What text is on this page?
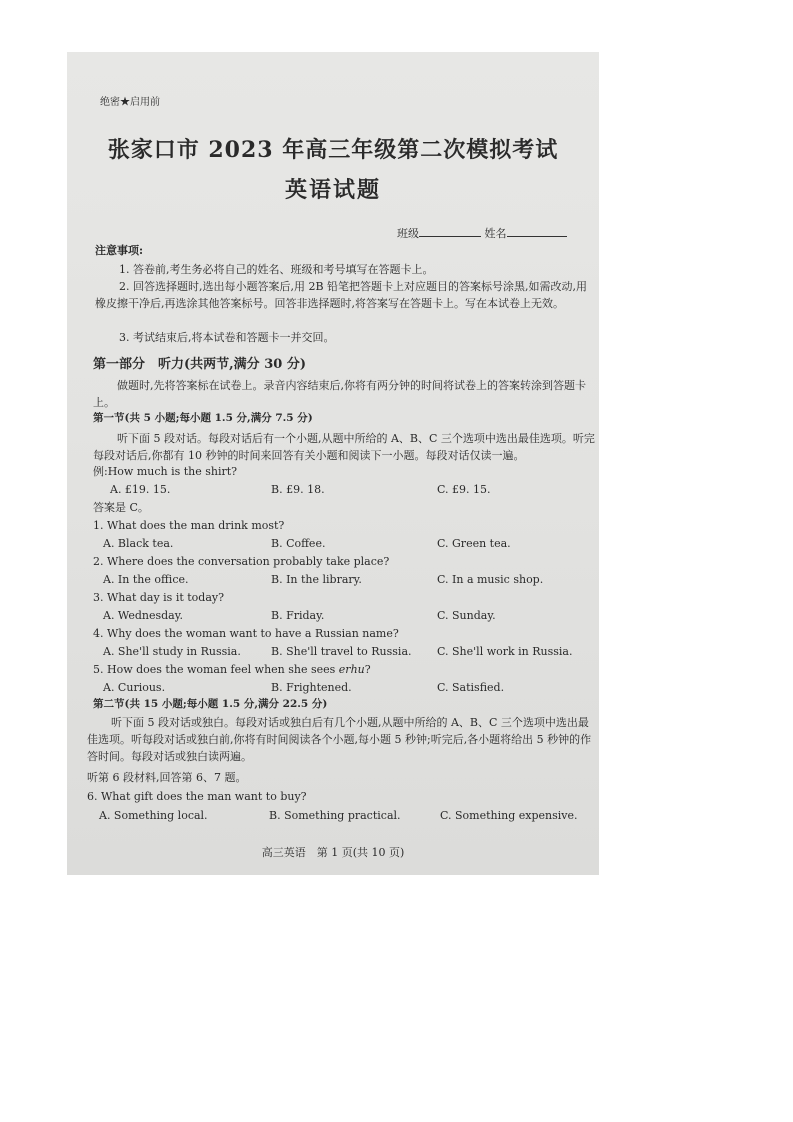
绝密★启用前
张家口市 2023 年高三年级第二次模拟考试
英语试题
班级	姓名
注意事项:
1. 答卷前,考生务必将自己的姓名、班级和考号填写在答题卡上。
2. 回答选择题时,选出每小题答案后,用 2B 铅笔把答题卡上对应题目的答案标号涂黑,如需改动,用橡皮擦干净后,再选涂其他答案标号。回答非选择题时,将答案写在答题卡上。写在本试卷上无效。
3. 考试结束后,将本试卷和答题卡一并交回。
第一部分　听力(共两节,满分 30 分)
做题时,先将答案标在试卷上。录音内容结束后,你将有两分钟的时间将试卷上的答案转涂到答题卡上。
第一节(共 5 小题;每小题 1.5 分,满分 7.5 分)
听下面 5 段对话。每段对话后有一个小题,从题中所给的 A、B、C 三个选项中选出最佳选项。听完每段对话后,你都有 10 秒钟的时间来回答有关小题和阅读下一小题。每段对话仅读一遍。
例:How much is the shirt?
A. £19. 15.	B. £9. 18.	C. £9. 15.
答案是 C。
1. What does the man drink most?
A. Black tea.	B. Coffee.	C. Green tea.
2. Where does the conversation probably take place?
A. In the office.	B. In the library.	C. In a music shop.
3. What day is it today?
A. Wednesday.	B. Friday.	C. Sunday.
4. Why does the woman want to have a Russian name?
A. She'll study in Russia.	B. She'll travel to Russia. C. She'll work in Russia.
5. How does the woman feel when she sees erhu?
A. Curious.	B. Frightened.	C. Satisfied.
第二节(共 15 小题;每小题 1.5 分,满分 22.5 分)
听下面 5 段对话或独白。每段对话或独白后有几个小题,从题中所给的 A、B、C 三个选项中选出最佳选项。听每段对话或独白前,你将有时间阅读各个小题,每小题 5 秒钟;听完后,各小题将给出 5 秒钟的作答时间。每段对话或独白读两遍。
听第 6 段材料,回答第 6、7 题。
6. What gift does the man want to buy?
A. Something local.	B. Something practical.	C. Something expensive.
高三英语　第 1 页(共 10 页)
